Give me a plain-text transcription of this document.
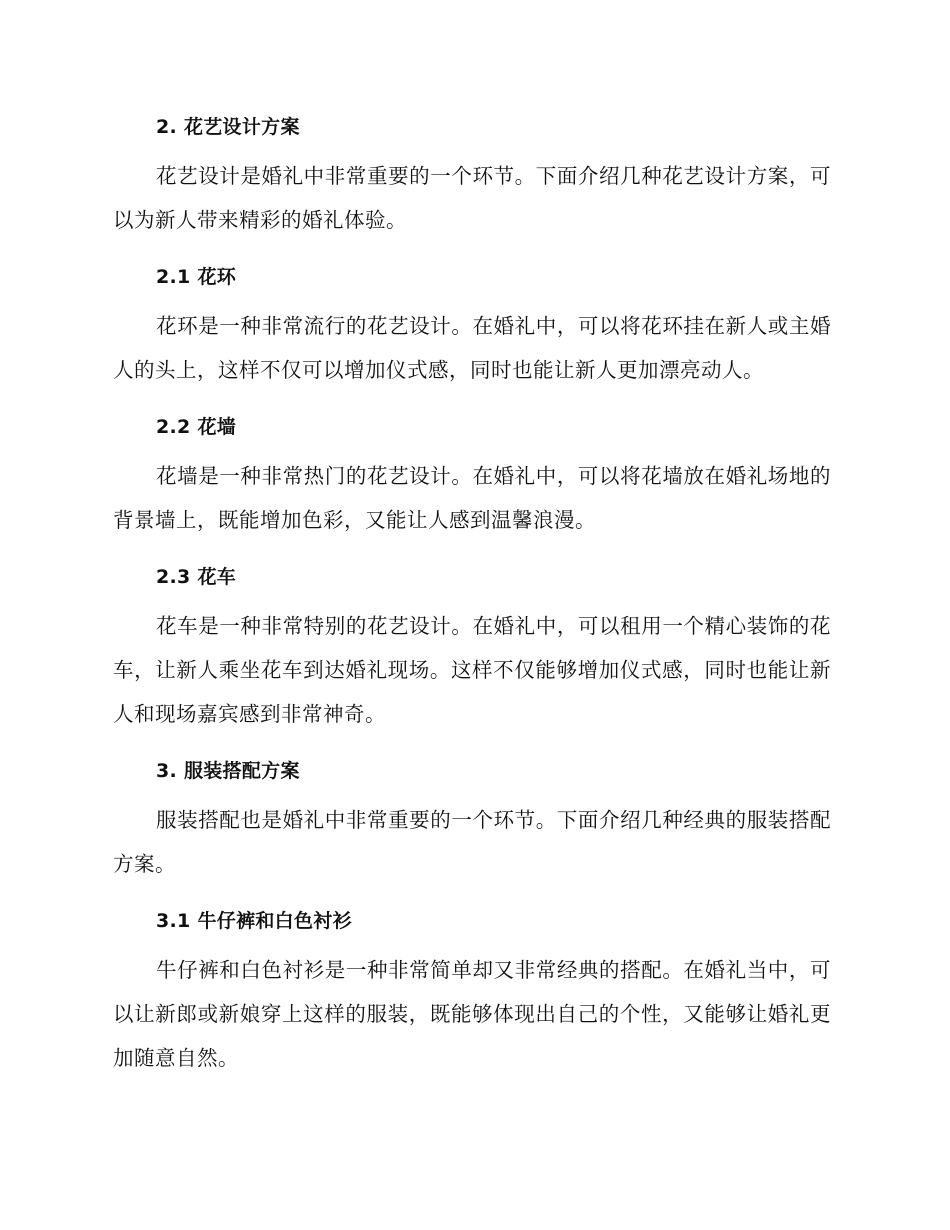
2. 花艺设计方案

花艺设计是婚礼中非常重要的一个环节。下面介绍几种花艺设计方案，可以为新人带来精彩的婚礼体验。

2.1 花环

花环是一种非常流行的花艺设计。在婚礼中，可以将花环挂在新人或主婚人的头上，这样不仅可以增加仪式感，同时也能让新人更加漂亮动人。

2.2 花墙

花墙是一种非常热门的花艺设计。在婚礼中，可以将花墙放在婚礼场地的背景墙上，既能增加色彩，又能让人感到温馨浪漫。

2.3 花车

花车是一种非常特别的花艺设计。在婚礼中，可以租用一个精心装饰的花车，让新人乘坐花车到达婚礼现场。这样不仅能够增加仪式感，同时也能让新人和现场嘉宾感到非常神奇。

3. 服装搭配方案

服装搭配也是婚礼中非常重要的一个环节。下面介绍几种经典的服装搭配方案。

3.1 牛仔裤和白色衬衫

牛仔裤和白色衬衫是一种非常简单却又非常经典的搭配。在婚礼当中，可以让新郎或新娘穿上这样的服装，既能够体现出自己的个性，又能够让婚礼更加随意自然。
